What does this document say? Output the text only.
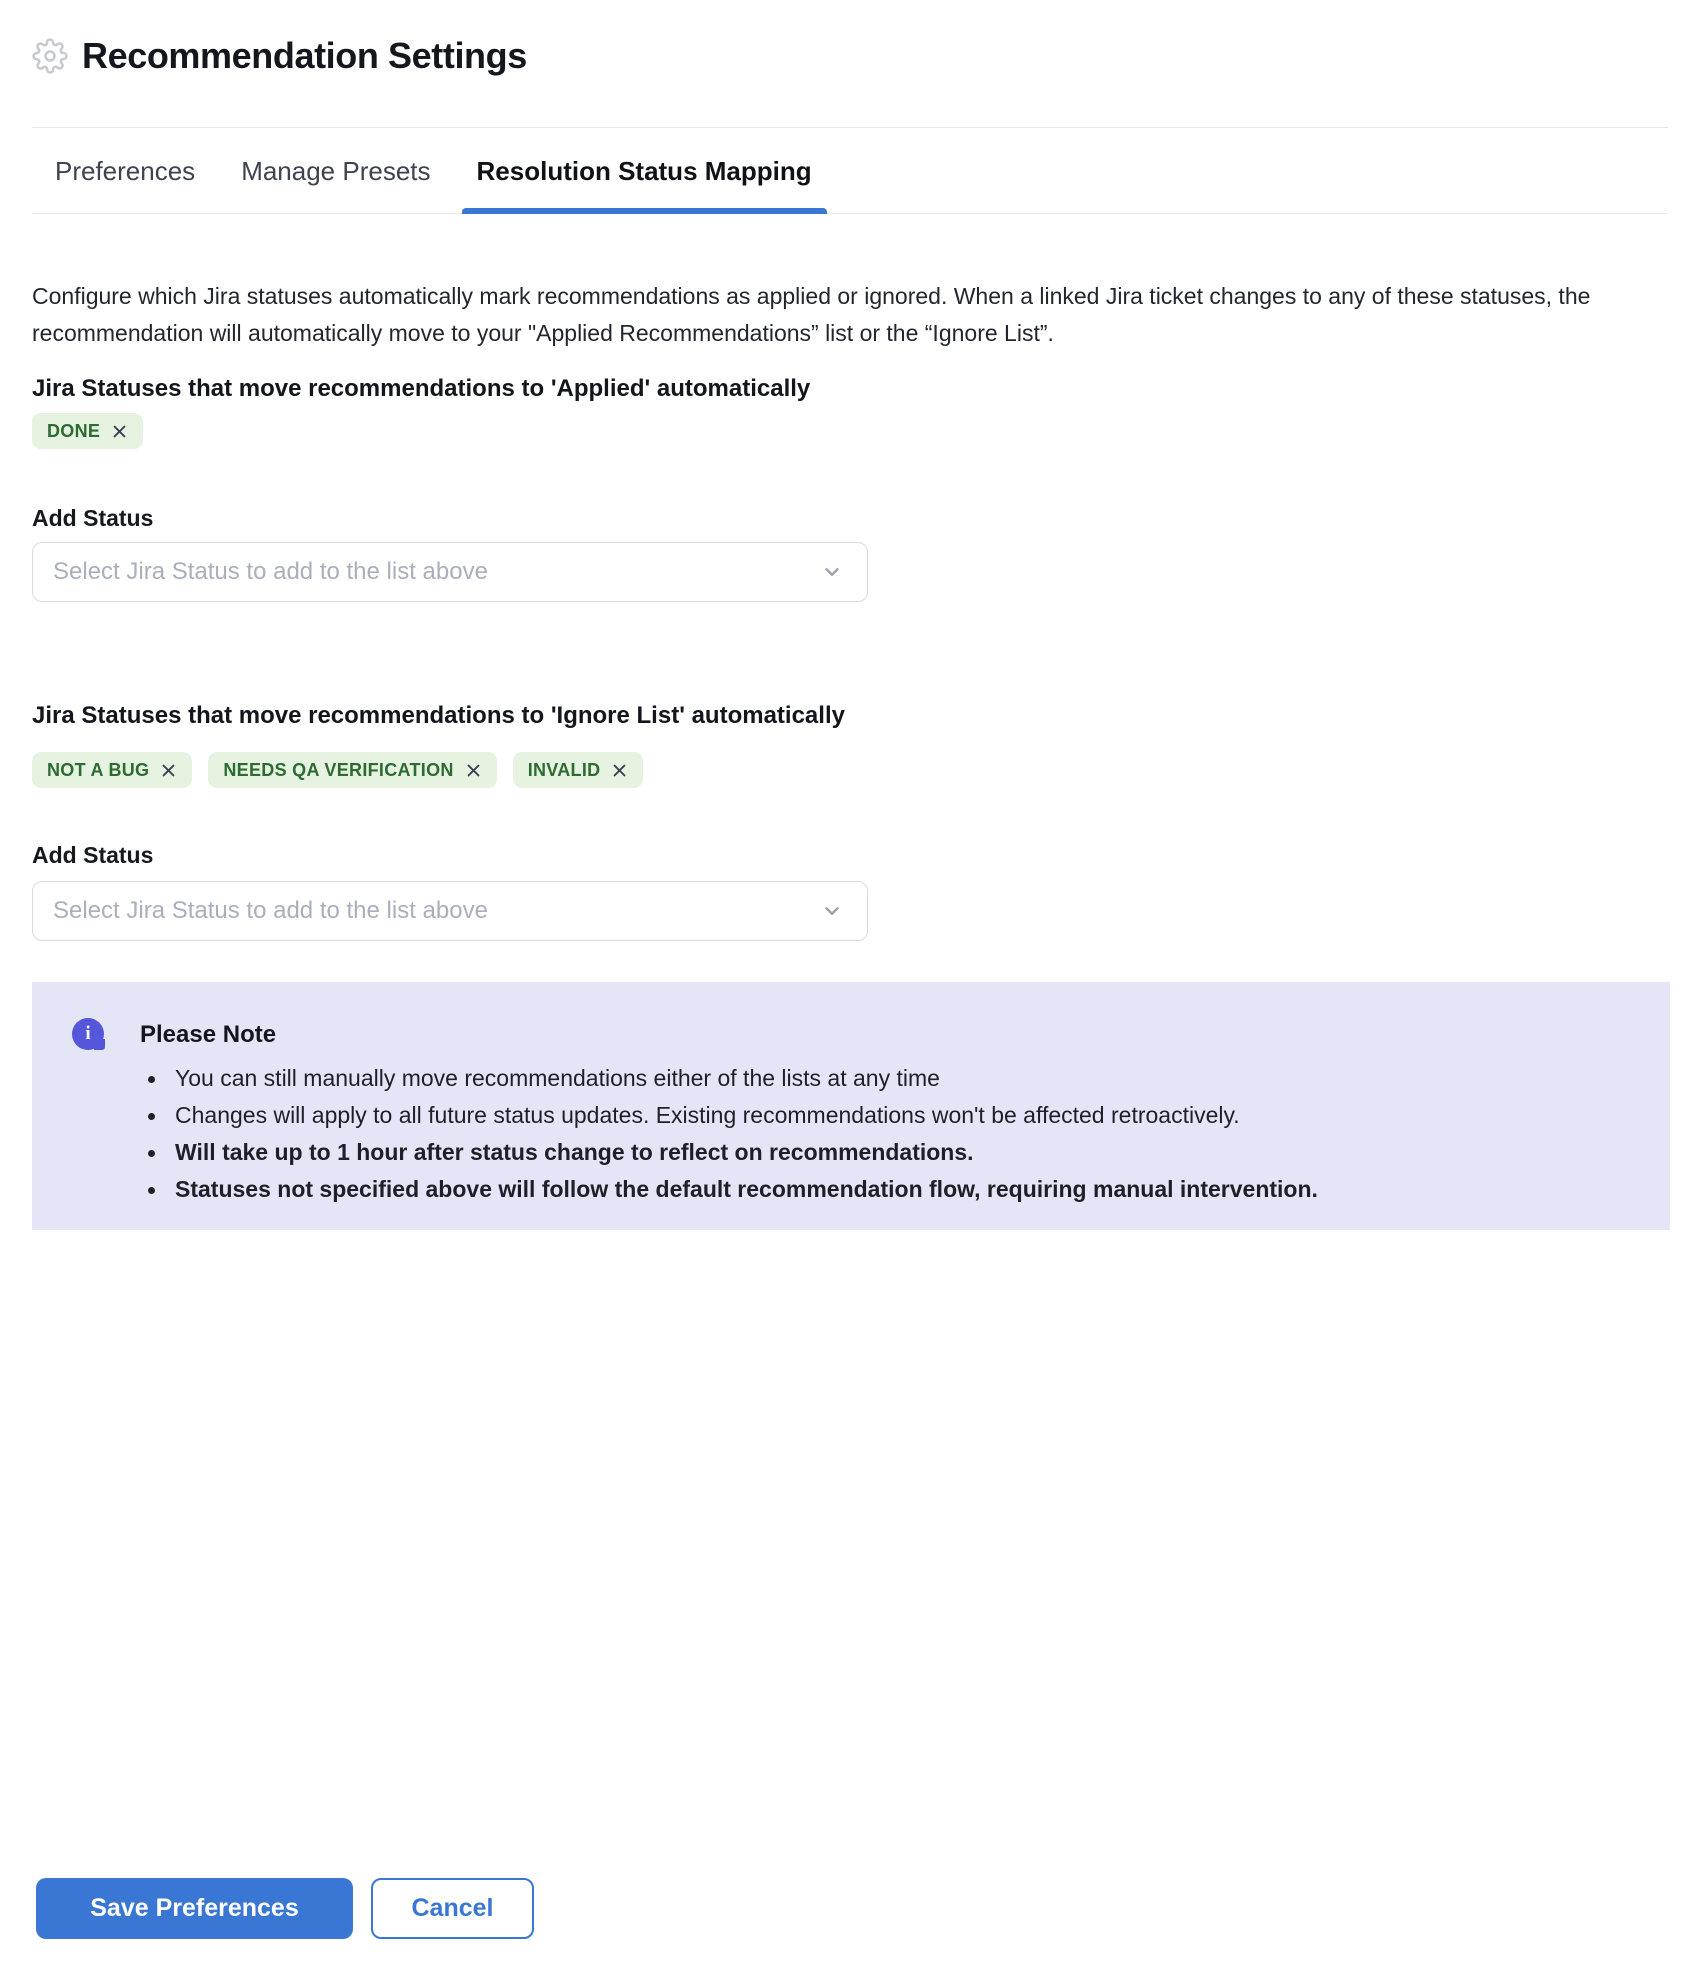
Recommendation Settings
Preferences	Manage Presets	Resolution Status Mapping

Configure which Jira statuses automatically mark recommendations as applied or ignored. When a linked Jira ticket changes to any of these statuses, the recommendation will automatically move to your "Applied Recommendations” list or the “Ignore List”.

Jira Statuses that move recommendations to 'Applied' automatically
DONE
Add Status
Select Jira Status to add to the list above
Jira Statuses that move recommendations to 'Ignore List' automatically
NOT A BUG	NEEDS QA VERIFICATION	INVALID
Add Status
Select Jira Status to add to the list above
i	Please Note
You can still manually move recommendations either of the lists at any time
Changes will apply to all future status updates. Existing recommendations won't be affected retroactively.
Will take up to 1 hour after status change to reflect on recommendations.
Statuses not specified above will follow the default recommendation flow, requiring manual intervention.
Save Preferences	Cancel
